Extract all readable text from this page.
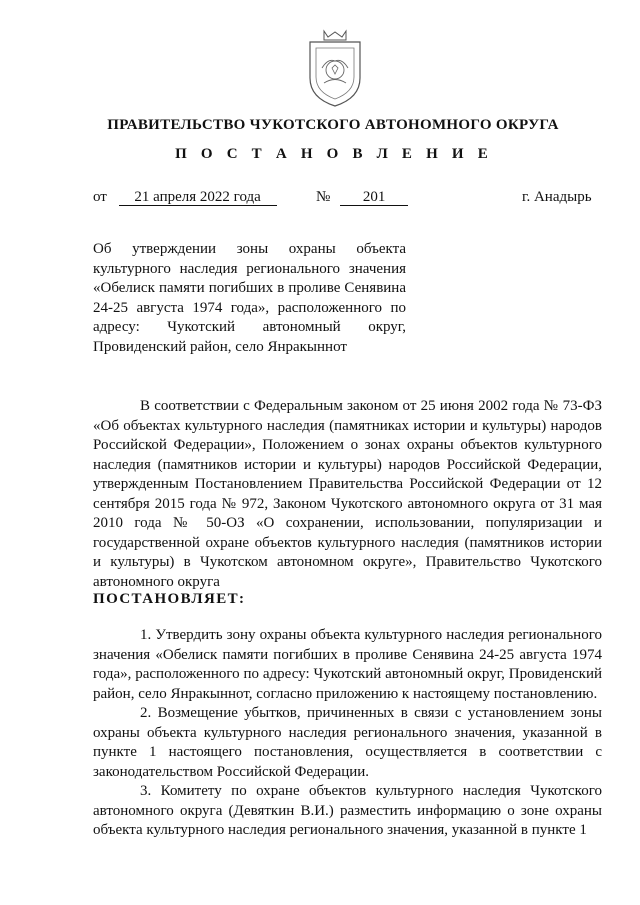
ПРАВИТЕЛЬСТВО ЧУКОТСКОГО АВТОНОМНОГО ОКРУГА
П О С Т А Н О В Л Е Н И Е
от 21 апреля 2022 года	№ 201	г. Анадырь
Об утверждении зоны охраны объекта культурного наследия регионального значения «Обелиск памяти погибших в проливе Сенявина 24-25 августа 1974 года», расположенного по адресу: Чукотский автономный округ, Провиденский район, село Янракыннот
В соответствии с Федеральным законом от 25 июня 2002 года № 73-ФЗ «Об объектах культурного наследия (памятниках истории и культуры) народов Российской Федерации», Положением о зонах охраны объектов культурного наследия (памятников истории и культуры) народов Российской Федерации, утвержденным Постановлением Правительства Российской Федерации от 12 сентября 2015 года № 972, Законом Чукотского автономного округа от 31 мая 2010 года № 50-ОЗ «О сохранении, использовании, популяризации и государственной охране объектов культурного наследия (памятников истории и культуры) в Чукотском автономном округе», Правительство Чукотского автономного округа
ПОСТАНОВЛЯЕТ:

1. Утвердить зону охраны объекта культурного наследия регионального значения «Обелиск памяти погибших в проливе Сенявина 24-25 августа 1974 года», расположенного по адресу: Чукотский автономный округ, Провиденский район, село Янракыннот, согласно приложению к настоящему постановлению.

2. Возмещение убытков, причиненных в связи с установлением зоны охраны объекта культурного наследия регионального значения, указанной в пункте 1 настоящего постановления, осуществляется в соответствии с законодательством Российской Федерации.

3. Комитету по охране объектов культурного наследия Чукотского автономного округа (Девяткин В.И.) разместить информацию о зоне охраны объекта культурного наследия регионального значения, указанной в пункте 1
